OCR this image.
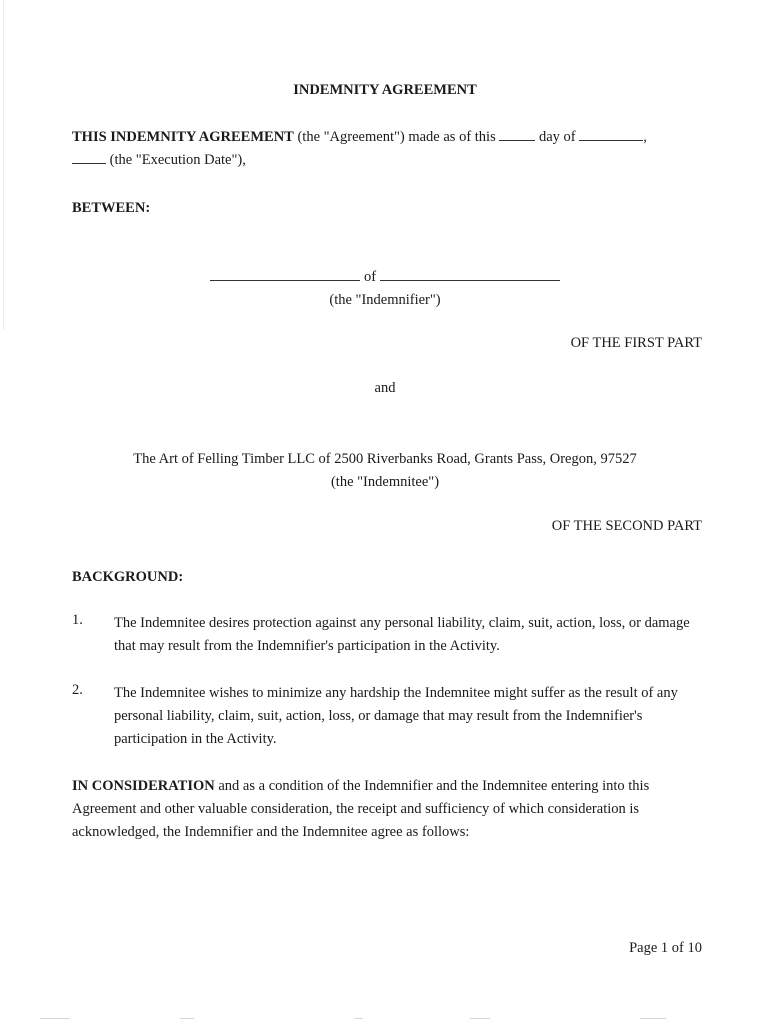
INDEMNITY AGREEMENT
THIS INDEMNITY AGREEMENT (the "Agreement") made as of this  day of	,
(the "Execution Date"),
BETWEEN:
of
(the "Indemnifier")
OF THE FIRST PART
and
The Art of Felling Timber LLC of 2500 Riverbanks Road, Grants Pass, Oregon, 97527
(the "Indemnitee")
OF THE SECOND PART
BACKGROUND:
1. The Indemnitee desires protection against any personal liability, claim, suit, action, loss, or damage that may result from the Indemnifier's participation in the Activity.
2. The Indemnitee wishes to minimize any hardship the Indemnitee might suffer as the result of any personal liability, claim, suit, action, loss, or damage that may result from the Indemnifier's participation in the Activity.
IN CONSIDERATION and as a condition of the Indemnifier and the Indemnitee entering into this Agreement and other valuable consideration, the receipt and sufficiency of which consideration is acknowledged, the Indemnifier and the Indemnitee agree as follows:
Page 1 of 10
